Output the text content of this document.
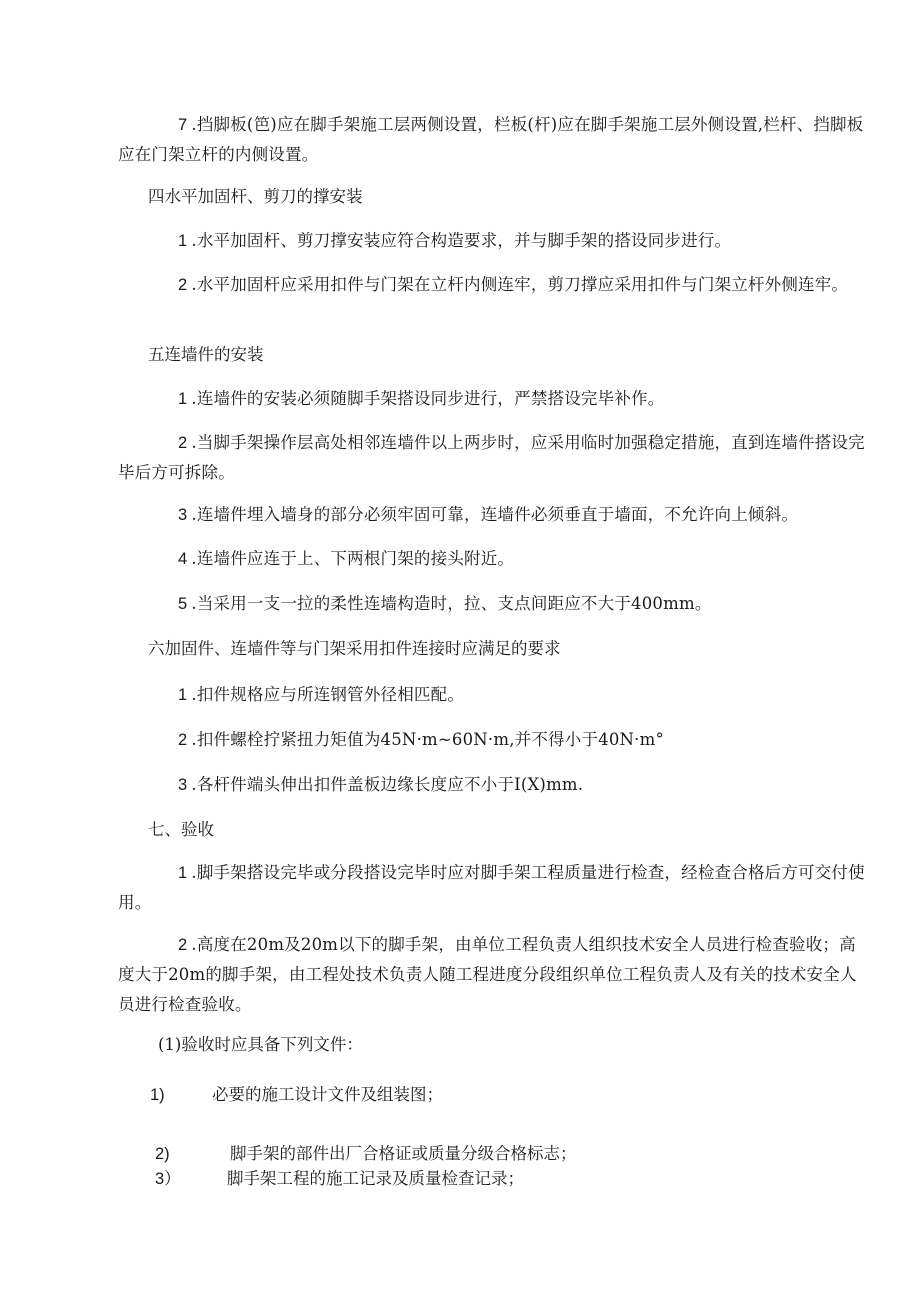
7 .挡脚板(笆)应在脚手架施工层两侧设置，栏板(杆)应在脚手架施工层外侧设置,栏杆、挡脚板应在门架立杆的内侧设置。

四水平加固杆、剪刀的撑安装

1 .水平加固杆、剪刀撑安装应符合构造要求，并与脚手架的搭设同步进行。

2 .水平加固杆应采用扣件与门架在立杆内侧连牢，剪刀撑应采用扣件与门架立杆外侧连牢。

五连墙件的安装

1 .连墙件的安装必须随脚手架搭设同步进行，严禁搭设完毕补作。

2 .当脚手架操作层高处相邻连墙件以上两步时，应采用临时加强稳定措施，直到连墙件搭设完毕后方可拆除。

3 .连墙件埋入墙身的部分必须牢固可靠，连墙件必须垂直于墙面，不允许向上倾斜。

4 .连墙件应连于上、下两根门架的接头附近。

5 .当采用一支一拉的柔性连墙构造时，拉、支点间距应不大于400mm。

六加固件、连墙件等与门架采用扣件连接时应满足的要求

1 .扣件规格应与所连钢管外径相匹配。

2 .扣件螺栓拧紧扭力矩值为45N·m~60N·m,并不得小于40N·m°

3 .各杆件端头伸出扣件盖板边缘长度应不小于I(X)mm.

七、验收

1 .脚手架搭设完毕或分段搭设完毕时应对脚手架工程质量进行检查，经检查合格后方可交付使用。

2 .高度在20m及20m以下的脚手架，由单位工程负责人组织技术安全人员进行检查验收；高度大于20m的脚手架，由工程处技术负责人随工程进度分段组织单位工程负责人及有关的技术安全人员进行检查验收。

(1)验收时应具备下列文件：

1)	必要的施工设计文件及组装图；
2)	脚手架的部件出厂合格证或质量分级合格标志；
3）	脚手架工程的施工记录及质量检查记录；
